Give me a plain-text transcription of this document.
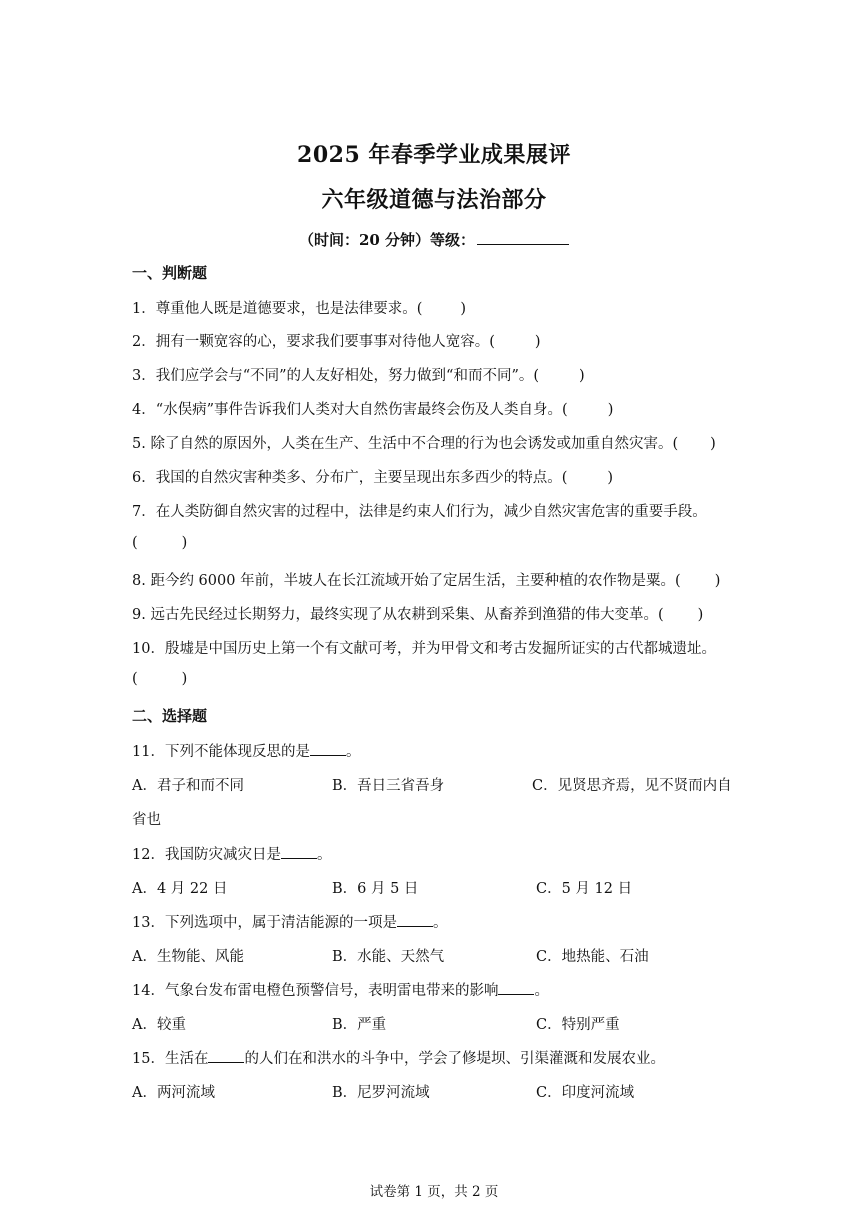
2025 年春季学业成果展评
六年级道德与法治部分
（时间：20 分钟）等级：
一、判断题
1．尊重他人既是道德要求，也是法律要求。(	)
2．拥有一颗宽容的心，要求我们要事事对待他人宽容。(	)
3．我们应学会与“不同”的人友好相处，努力做到“和而不同”。(	)
4．“水俣病”事件告诉我们人类对大自然伤害最终会伤及人类自身。(	)
5. 除了自然的原因外，人类在生产、生活中不合理的行为也会诱发或加重自然灾害。( )
6．我国的自然灾害种类多、分布广，主要呈现出东多西少的特点。(	)
7．在人类防御自然灾害的过程中，法律是约束人们行为，减少自然灾害危害的重要手段。
(	)
8. 距今约 6000 年前，半坡人在长江流域开始了定居生活，主要种植的农作物是粟。( )
9. 远古先民经过长期努力，最终实现了从农耕到采集、从畜养到渔猎的伟大变革。( )
10．殷墟是中国历史上第一个有文献可考，并为甲骨文和考古发掘所证实的古代都城遗址。
(	)
二、选择题
11．下列不能体现反思的是 。
A．君子和而不同	B．吾日三省吾身	C．见贤思齐焉，见不贤而内自
省也
12．我国防灾减灾日是 。
A．4 月 22 日	B．6 月 5 日	C．5 月 12 日
13．下列选项中，属于清洁能源的一项是 。
A．生物能、风能	B．水能、天然气	C．地热能、石油
14．气象台发布雷电橙色预警信号，表明雷电带来的影响 。
A．较重	B．严重	C．特别严重
15．生活在 的人们在和洪水的斗争中，学会了修堤坝、引渠灌溉和发展农业。
A．两河流域	B．尼罗河流域	C．印度河流域
试卷第 1 页，共 2 页
